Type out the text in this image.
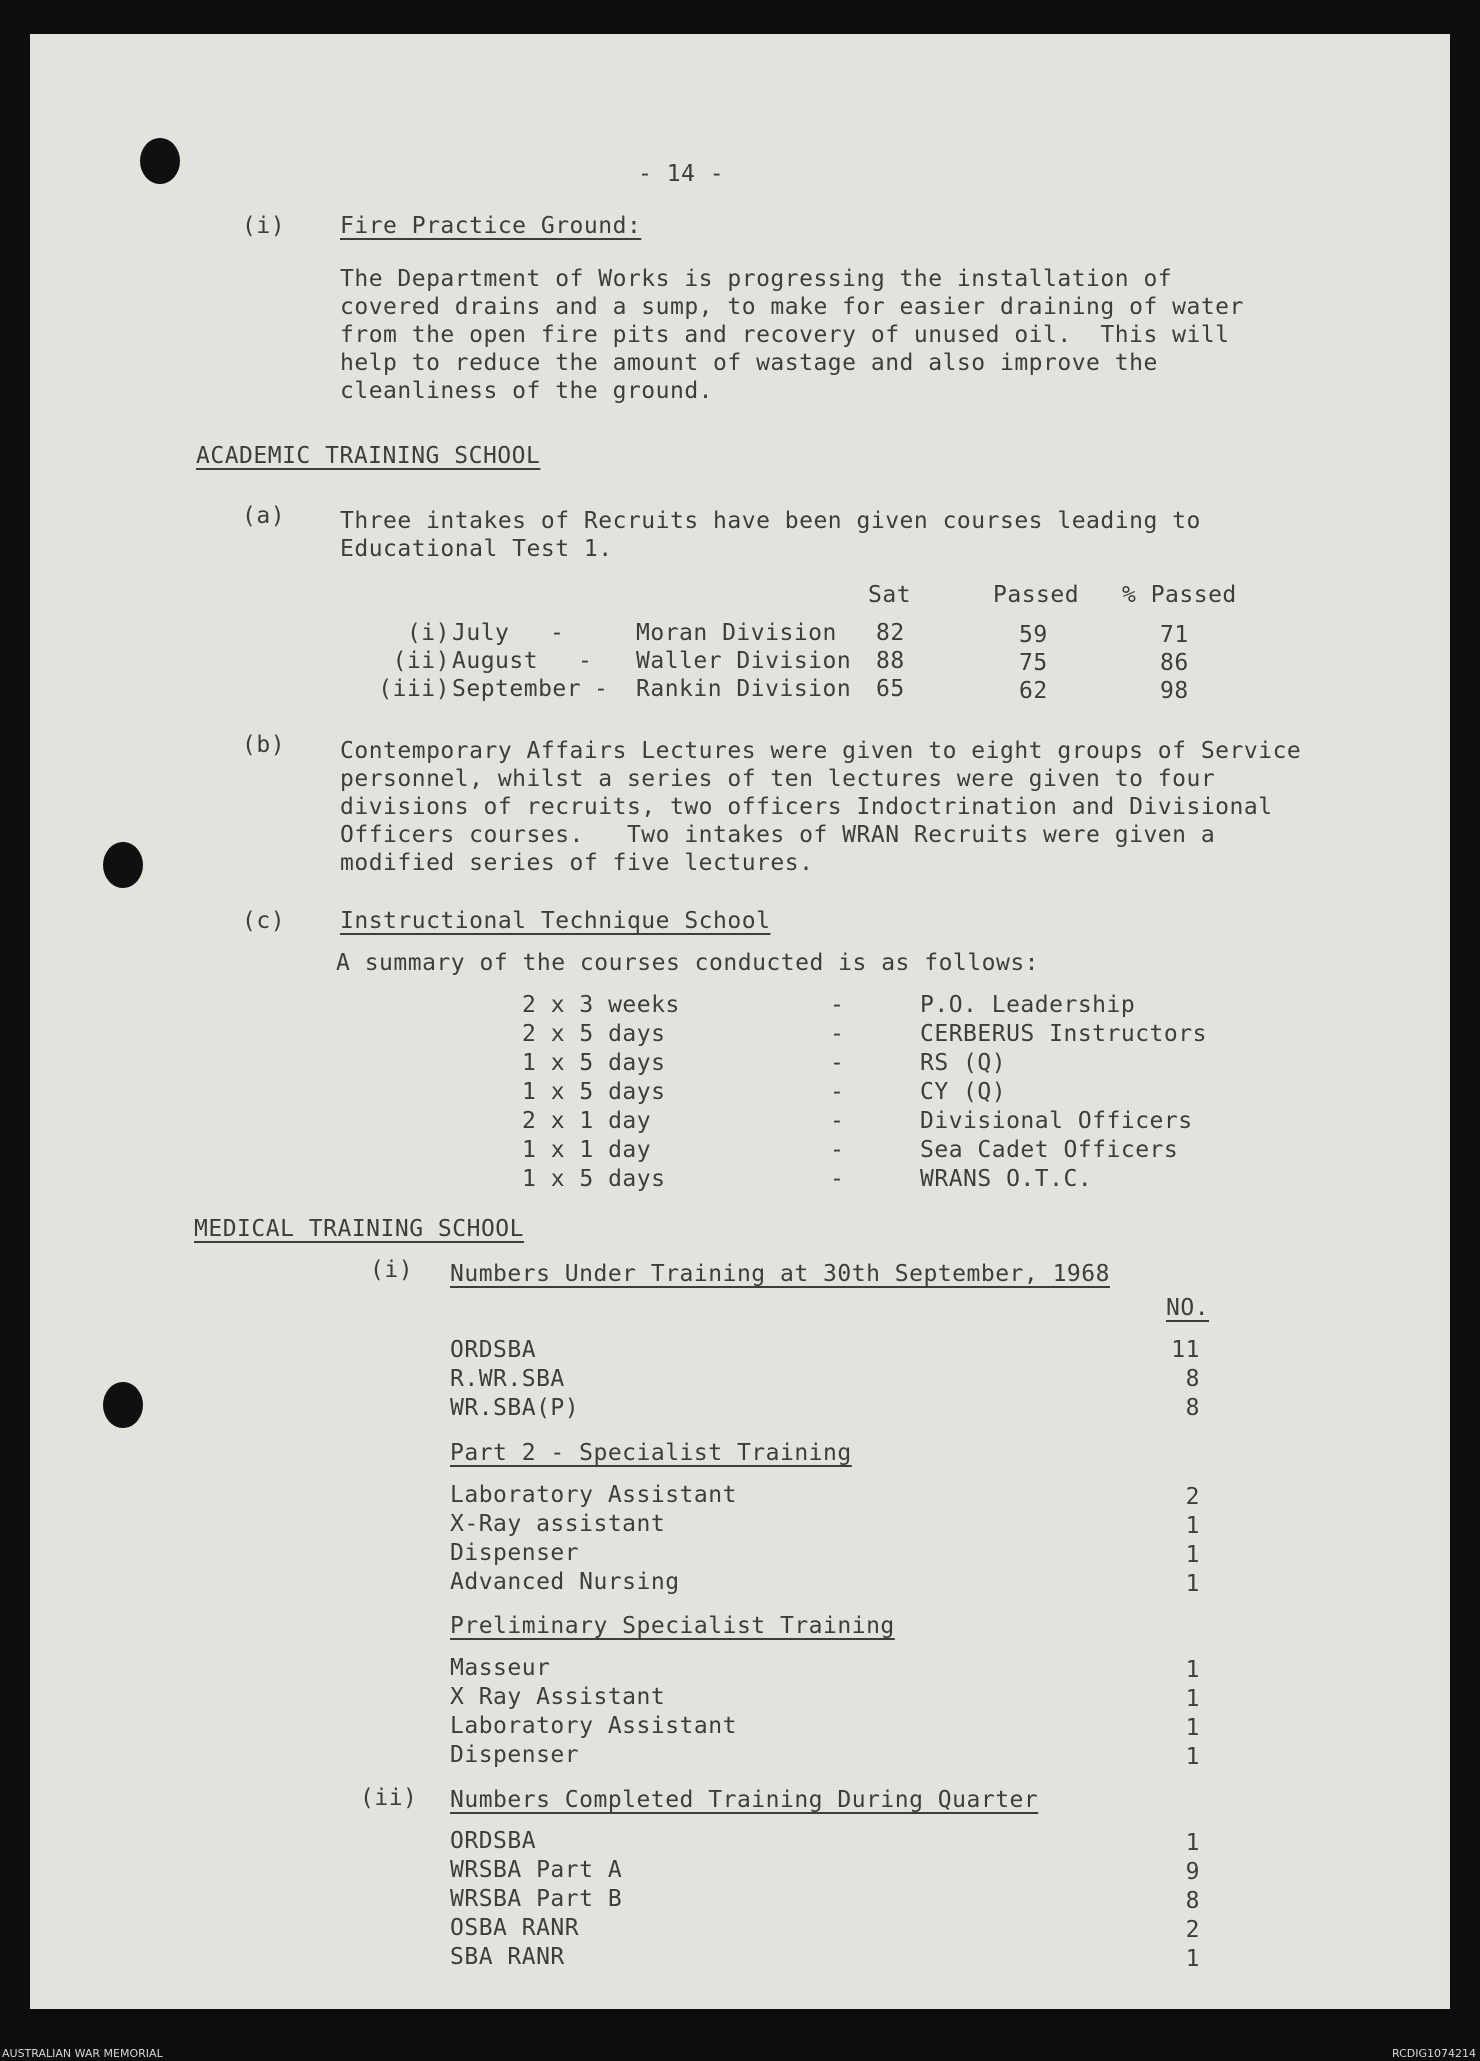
- 14 -
(i) Fire Practice Ground:
The Department of Works is progressing the installation of
covered drains and a sump, to make for easier draining of water
from the open fire pits and recovery of unused oil.  This will
help to reduce the amount of wastage and also improve the
cleanliness of the ground.
ACADEMIC TRAINING SCHOOL
(a) Three intakes of Recruits have been given courses leading to
Educational Test 1.
Sat	Passed % Passed
(i) July -	Moran Division 82	59	71
(ii) August - Waller Division 88	75	86
(iii) September - Rankin Division 65	62	98
(b) Contemporary Affairs Lectures were given to eight groups of Service
personnel, whilst a series of ten lectures were given to four
divisions of recruits, two officers Indoctrination and Divisional
Officers courses.   Two intakes of WRAN Recruits were given a
modified series of five lectures.
(c) Instructional Technique School
A summary of the courses conducted is as follows:
2 x 3 weeks	-	P.O. Leadership
2 x 5 days	-	CERBERUS Instructors
1 x 5 days	-	RS (Q)
1 x 5 days	-	CY (Q)
2 x 1 day	-	Divisional Officers
1 x 1 day	-	Sea Cadet Officers
1 x 5 days	-	WRANS O.T.C.
MEDICAL TRAINING SCHOOL
(i) Numbers Under Training at 30th September, 1968
NO.
ORDSBA	11
R.WR.SBA	8
WR.SBA(P)	8
Part 2 - Specialist Training
Laboratory Assistant	2
X-Ray assistant	1
Dispenser	1
Advanced Nursing	1
Preliminary Specialist Training
Masseur	1
X Ray Assistant	1
Laboratory Assistant	1
Dispenser	1
(ii) Numbers Completed Training During Quarter
ORDSBA	1
WRSBA Part A	9
WRSBA Part B	8
OSBA RANR	2
SBA RANR	1
AUSTRALIAN WAR MEMORIAL	RCDIG1074214
